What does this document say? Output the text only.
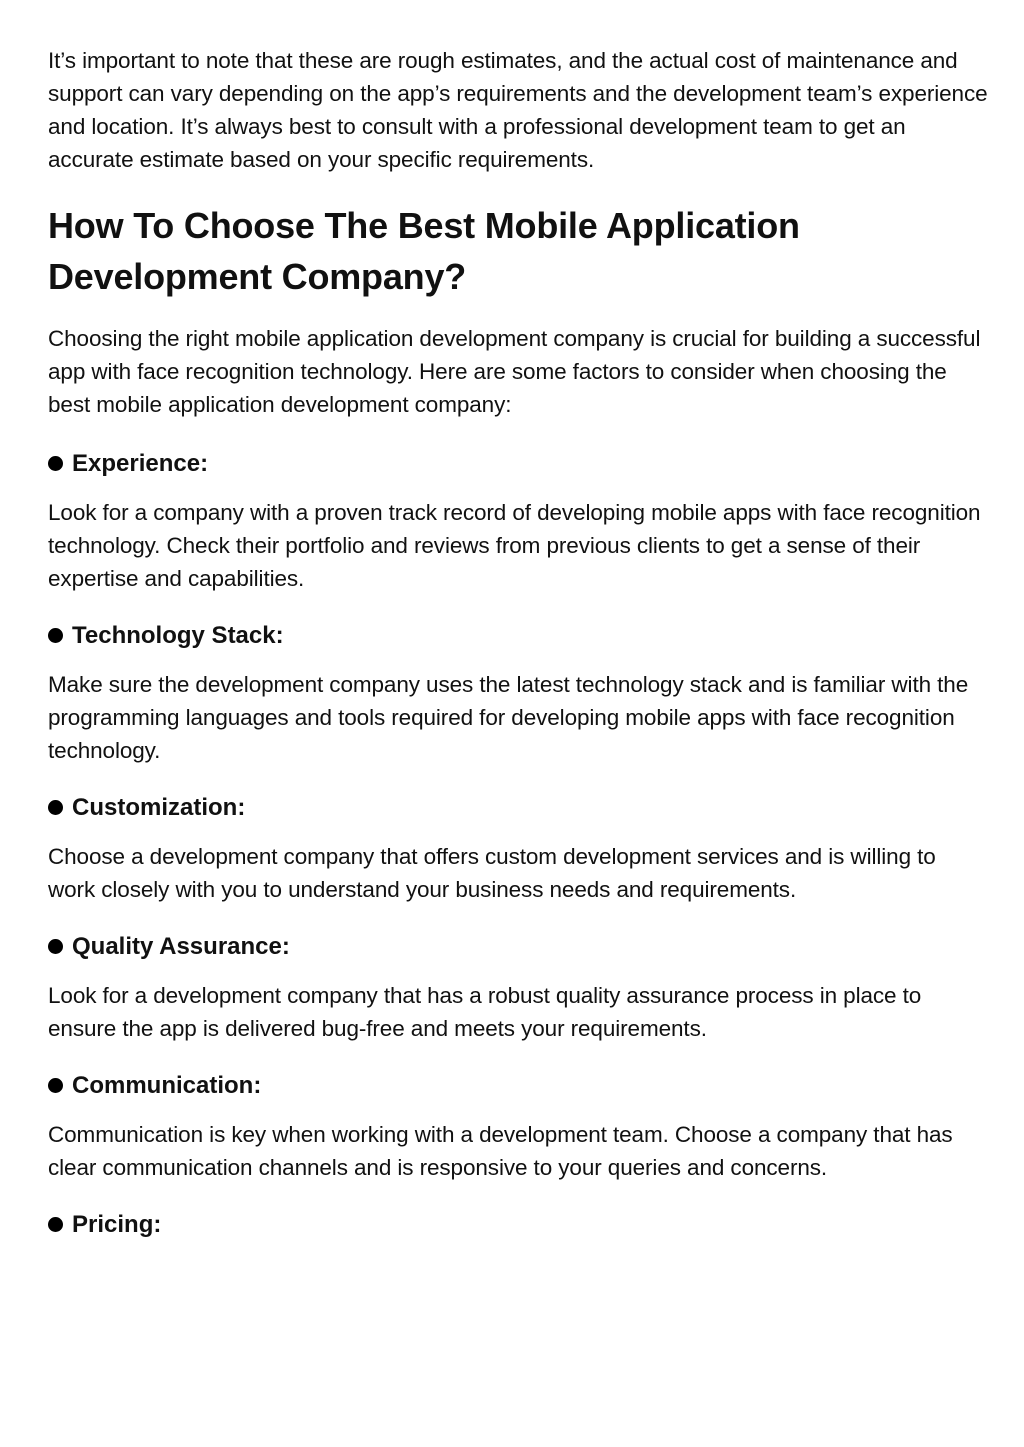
It’s important to note that these are rough estimates, and the actual cost of maintenance and support can vary depending on the app’s requirements and the development team’s experience and location. It’s always best to consult with a professional development team to get an accurate estimate based on your specific requirements.

How To Choose The Best Mobile Application Development Company?

Choosing the right mobile application development company is crucial for building a successful app with face recognition technology. Here are some factors to consider when choosing the best mobile application development company:

Experience:

Look for a company with a proven track record of developing mobile apps with face recognition technology. Check their portfolio and reviews from previous clients to get a sense of their expertise and capabilities.

Technology Stack:

Make sure the development company uses the latest technology stack and is familiar with the programming languages and tools required for developing mobile apps with face recognition technology.

Customization:

Choose a development company that offers custom development services and is willing to work closely with you to understand your business needs and requirements.

Quality Assurance:

Look for a development company that has a robust quality assurance process in place to ensure the app is delivered bug-free and meets your requirements.

Communication:

Communication is key when working with a development team. Choose a company that has clear communication channels and is responsive to your queries and concerns.

Pricing:
